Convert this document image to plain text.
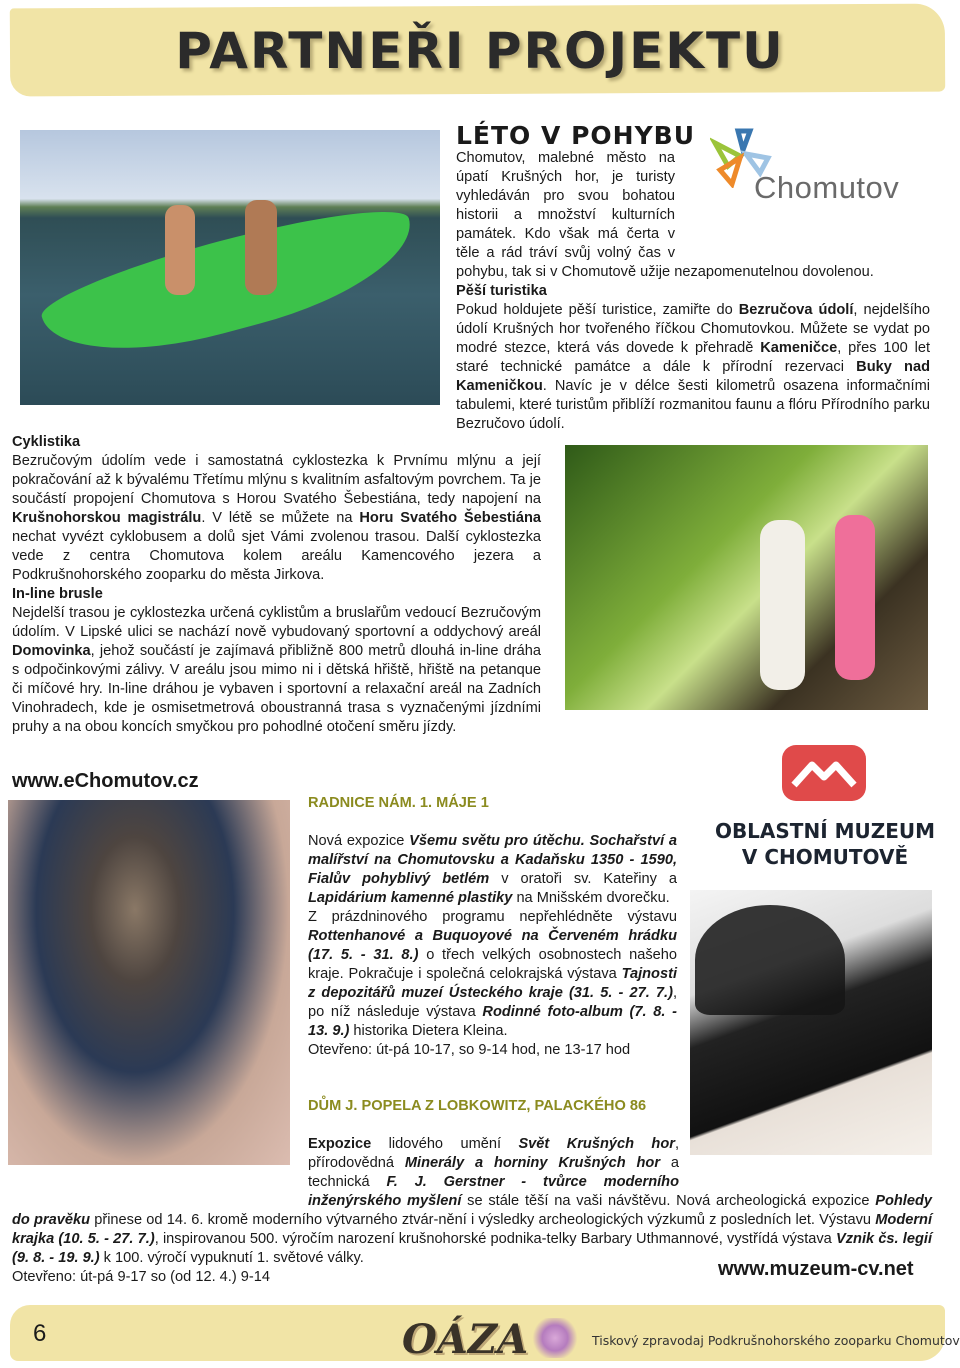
PARTNEŘI PROJEKTU
LÉTO V POHYBU
Chomutov

Chomutov, malebné město na úpatí Krušných hor, je turisty vyhledáván pro svou bohatou historii a množství kulturních památek. Kdo však má čerta v těle a rád tráví svůj volný čas v pohybu, tak si v Chomutově užije nezapomenutelnou dovolenou.

Pěší turistika

Pokud holdujete pěší turistice, zamiřte do Bezručova údolí, nejdelšího údolí Krušných hor tvořeného říčkou Chomutovkou. Můžete se vydat po modré stezce, která vás dovede k přehradě Kameničce, přes 100 let staré technické památce a dále k přírodní rezervaci Buky nad Kameničkou. Navíc je v délce šesti kilometrů osazena informačními tabulemi, které turistům přiblíží rozmanitou faunu a flóru Přírodního parku Bezručovo údolí.

Cyklistika

Bezručovým údolím vede i samostatná cyklostezka k Prvnímu mlýnu a její pokračování až k bývalému Třetímu mlýnu s kvalitním asfaltovým povrchem. Ta je součástí propojení Chomutova s Horou Svatého Šebestiána, tedy napojení na Krušnohorskou magistrálu. V létě se můžete na Horu Svatého Šebestiána nechat vyvézt cyklobusem a dolů sjet Vámi zvolenou trasou. Další cyklostezka vede z centra Chomutova kolem areálu Kamencového jezera a Podkrušnohorského zooparku do města Jirkova.

In-line brusle

Nejdelší trasou je cyklostezka určená cyklistům a bruslařům vedoucí Bezručovým údolím. V Lipské ulici se nachází nově vybudovaný sportovní a oddychový areál Domovinka, jehož součástí je zajímavá přibližně 800 metrů dlouhá in-line dráha s odpočinkovými zálivy. V areálu jsou mimo ni i dětská hřiště, hřiště na petanque či míčové hry. In-line dráhou je vybaven i sportovní a relaxační areál na Zadních Vinohradech, kde je osmisetmetrová oboustranná trasa s vyznačenými jízdními pruhy a na obou koncích smyčkou pro pohodlné otočení směru jízdy.

www.eChomutov.cz

RADNICE NÁM. 1. MÁJE 1

Nová expozice Všemu světu pro útěchu. Sochařství a malířství na Chomutovsku a Kadaňsku 1350 - 1590, Fialův pohyblivý betlém v oratoři sv. Kateřiny a Lapidárium kamenné plastiky na Mnišském dvorečku.

Z prázdninového programu nepřehlédněte výstavu Rottenhanové a Buquoyové na Červeném hrádku (17. 5. - 31. 8.) o třech velkých osobnostech našeho kraje. Pokračuje i společná celokrajská výstava Tajnosti z depozitářů muzeí Ústeckého kraje (31. 5. - 27. 7.), po níž následuje výstava Rodinné foto-album (7. 8. - 13. 9.) historika Dietera Kleina.

Otevřeno: út-pá 10-17, so 9-14 hod, ne 13-17 hod

OBLASTNÍ MUZEUM
V CHOMUTOVĚ

DŮM J. POPELA Z LOBKOWITZ, PALACKÉHO 86

Expozice lidového umění Svět Krušných hor, přírodovědná Minerály a horniny Krušných hor a technická F. J. Gerstner - tvůrce moderního inženýrského myšlení se stále těší na vaši návštěvu. Nová archeologická expozice Pohledy do pravěku přinese od 14. 6. kromě moderního výtvarného ztvár-nění i výsledky archeologických výzkumů z posledních let. Výstavu Moderní krajka (10. 5. - 27. 7.), inspirovanou 500. výročím narození krušnohorské podnika-telky Barbary Uthmannové, vystřídá výstava Vznik čs. legií (9. 8. - 19. 9.) k 100. výročí vypuknutí 1. světové války.

Otevřeno: út-pá 9-17 so (od 12. 4.) 9-14	www.muzeum-cv.net
6	OÁZA	Tiskový zpravodaj Podkrušnohorského zooparku Chomutov
